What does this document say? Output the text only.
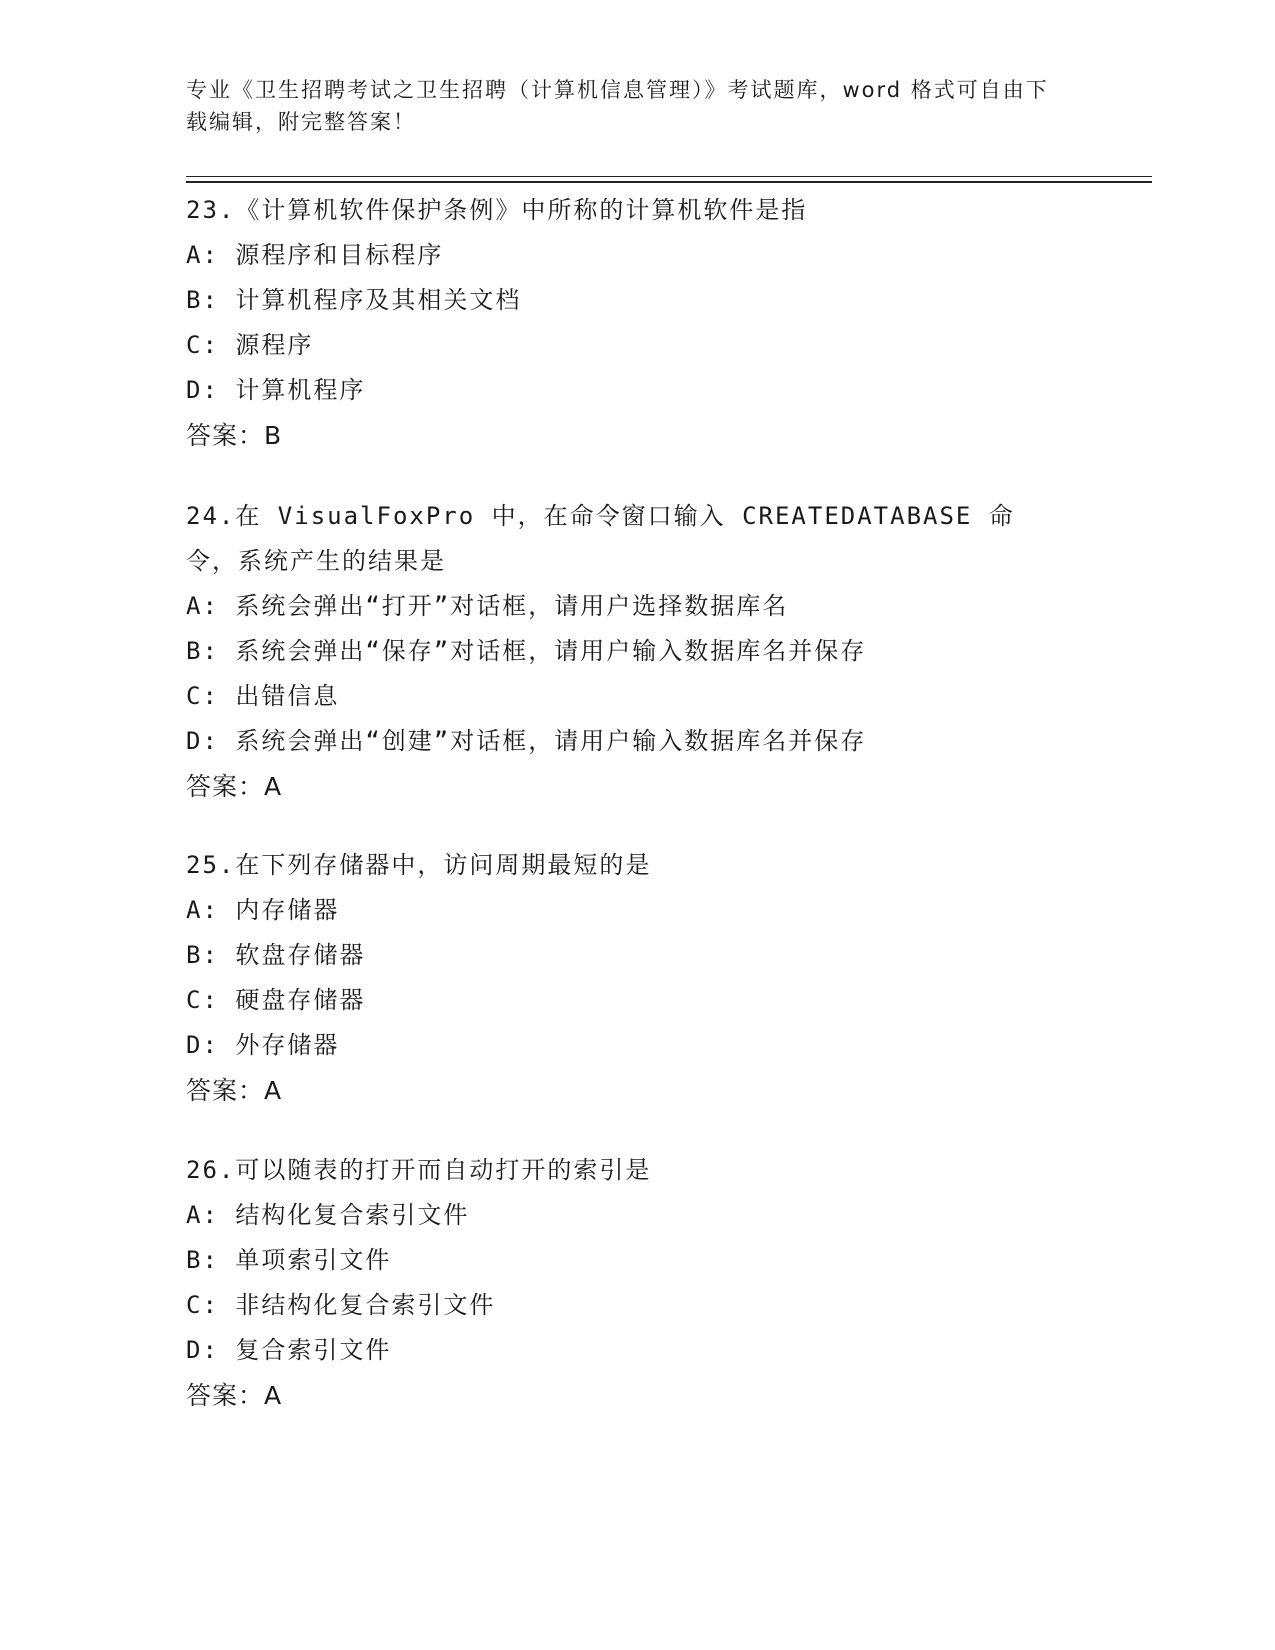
专业《卫生招聘考试之卫生招聘（计算机信息管理）》考试题库，word 格式可自由下载编辑，附完整答案！

23.《计算机软件保护条例》中所称的计算机软件是指

A: 源程序和目标程序

B: 计算机程序及其相关文档

C: 源程序

D: 计算机程序

答案：B

24.在 VisualFoxPro 中，在命令窗口输入 CREATEDATABASE 命令，系统产生的结果是

A: 系统会弹出“打开”对话框，请用户选择数据库名

B: 系统会弹出“保存”对话框，请用户输入数据库名并保存

C: 出错信息

D: 系统会弹出“创建”对话框，请用户输入数据库名并保存

答案：A

25.在下列存储器中，访问周期最短的是

A: 内存储器

B: 软盘存储器

C: 硬盘存储器

D: 外存储器

答案：A

26.可以随表的打开而自动打开的索引是

A: 结构化复合索引文件

B: 单项索引文件

C: 非结构化复合索引文件

D: 复合索引文件

答案：A
